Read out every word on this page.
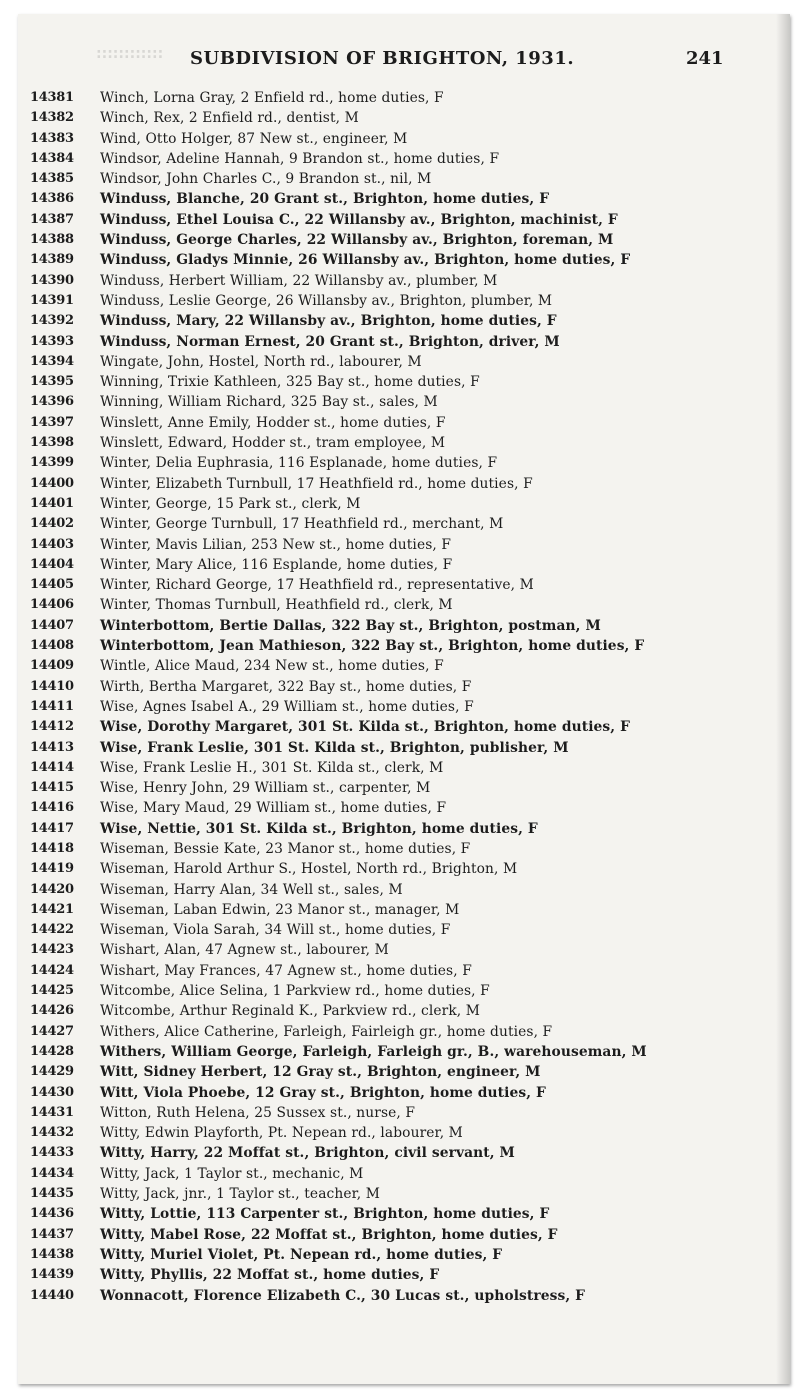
:::::::::::: SUBDIVISION OF BRIGHTON, 1931.	241
14381 Winch, Lorna Gray, 2 Enfield rd., home duties, F
14382 Winch, Rex, 2 Enfield rd., dentist, M
14383 Wind, Otto Holger, 87 New st., engineer, M
14384 Windsor, Adeline Hannah, 9 Brandon st., home duties, F
14385 Windsor, John Charles C., 9 Brandon st., nil, M
14386 Winduss, Blanche, 20 Grant st., Brighton, home duties, F
14387 Winduss, Ethel Louisa C., 22 Willansby av., Brighton, machinist, F
14388 Winduss, George Charles, 22 Willansby av., Brighton, foreman, M
14389 Winduss, Gladys Minnie, 26 Willansby av., Brighton, home duties, F
14390 Winduss, Herbert William, 22 Willansby av., plumber, M
14391 Winduss, Leslie George, 26 Willansby av., Brighton, plumber, M
14392 Winduss, Mary, 22 Willansby av., Brighton, home duties, F
14393 Winduss, Norman Ernest, 20 Grant st., Brighton, driver, M
14394 Wingate, John, Hostel, North rd., labourer, M
14395 Winning, Trixie Kathleen, 325 Bay st., home duties, F
14396 Winning, William Richard, 325 Bay st., sales, M
14397 Winslett, Anne Emily, Hodder st., home duties, F
14398 Winslett, Edward, Hodder st., tram employee, M
14399 Winter, Delia Euphrasia, 116 Esplanade, home duties, F
14400 Winter, Elizabeth Turnbull, 17 Heathfield rd., home duties, F
14401 Winter, George, 15 Park st., clerk, M
14402 Winter, George Turnbull, 17 Heathfield rd., merchant, M
14403 Winter, Mavis Lilian, 253 New st., home duties, F
14404 Winter, Mary Alice, 116 Esplande, home duties, F
14405 Winter, Richard George, 17 Heathfield rd., representative, M
14406 Winter, Thomas Turnbull, Heathfield rd., clerk, M
14407 Winterbottom, Bertie Dallas, 322 Bay st., Brighton, postman, M
14408 Winterbottom, Jean Mathieson, 322 Bay st., Brighton, home duties, F
14409 Wintle, Alice Maud, 234 New st., home duties, F
14410 Wirth, Bertha Margaret, 322 Bay st., home duties, F
14411 Wise, Agnes Isabel A., 29 William st., home duties, F
14412 Wise, Dorothy Margaret, 301 St. Kilda st., Brighton, home duties, F
14413 Wise, Frank Leslie, 301 St. Kilda st., Brighton, publisher, M
14414 Wise, Frank Leslie H., 301 St. Kilda st., clerk, M
14415 Wise, Henry John, 29 William st., carpenter, M
14416 Wise, Mary Maud, 29 William st., home duties, F
14417 Wise, Nettie, 301 St. Kilda st., Brighton, home duties, F
14418 Wiseman, Bessie Kate, 23 Manor st., home duties, F
14419 Wiseman, Harold Arthur S., Hostel, North rd., Brighton, M
14420 Wiseman, Harry Alan, 34 Well st., sales, M
14421 Wiseman, Laban Edwin, 23 Manor st., manager, M
14422 Wiseman, Viola Sarah, 34 Will st., home duties, F
14423 Wishart, Alan, 47 Agnew st., labourer, M
14424 Wishart, May Frances, 47 Agnew st., home duties, F
14425 Witcombe, Alice Selina, 1 Parkview rd., home duties, F
14426 Witcombe, Arthur Reginald K., Parkview rd., clerk, M
14427 Withers, Alice Catherine, Farleigh, Fairleigh gr., home duties, F
14428 Withers, William George, Farleigh, Farleigh gr., B., warehouseman, M
14429 Witt, Sidney Herbert, 12 Gray st., Brighton, engineer, M
14430 Witt, Viola Phoebe, 12 Gray st., Brighton, home duties, F
14431 Witton, Ruth Helena, 25 Sussex st., nurse, F
14432 Witty, Edwin Playforth, Pt. Nepean rd., labourer, M
14433 Witty, Harry, 22 Moffat st., Brighton, civil servant, M
14434 Witty, Jack, 1 Taylor st., mechanic, M
14435 Witty, Jack, jnr., 1 Taylor st., teacher, M
14436 Witty, Lottie, 113 Carpenter st., Brighton, home duties, F
14437 Witty, Mabel Rose, 22 Moffat st., Brighton, home duties, F
14438 Witty, Muriel Violet, Pt. Nepean rd., home duties, F
14439 Witty, Phyllis, 22 Moffat st., home duties, F
14440 Wonnacott, Florence Elizabeth C., 30 Lucas st., upholstress, F
